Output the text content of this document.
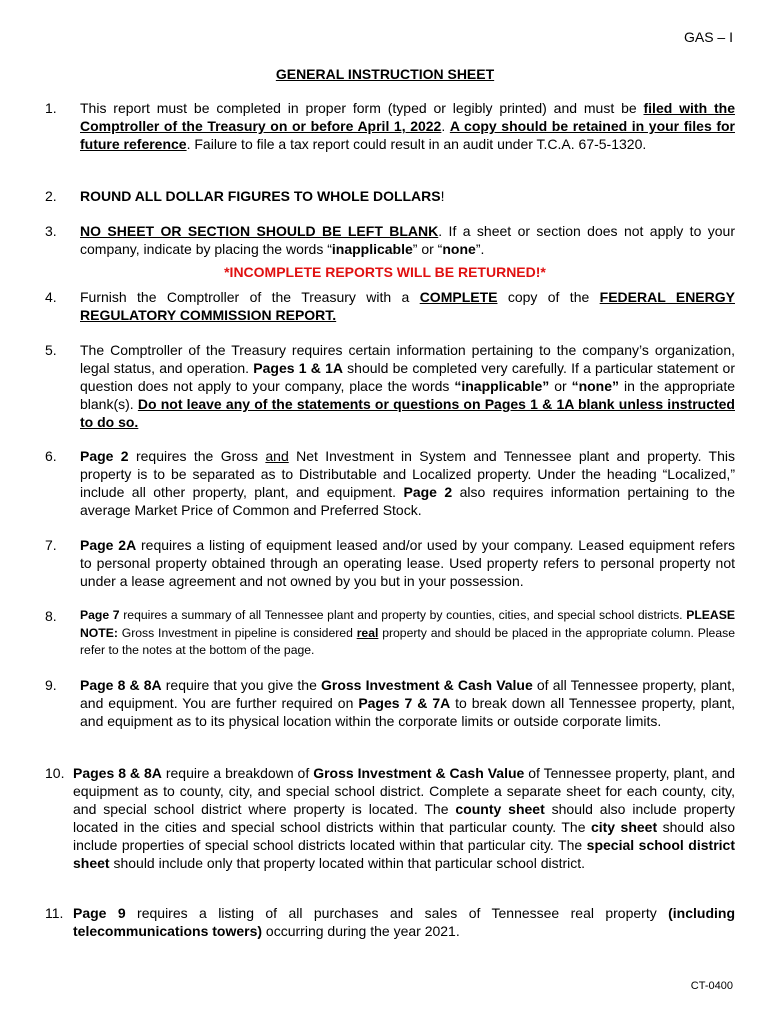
GAS – I
GENERAL INSTRUCTION SHEET
1. This report must be completed in proper form (typed or legibly printed) and must be filed with the Comptroller of the Treasury on or before April 1, 2022. A copy should be retained in your files for future reference. Failure to file a tax report could result in an audit under T.C.A. 67-5-1320.
2. ROUND ALL DOLLAR FIGURES TO WHOLE DOLLARS!
3. NO SHEET OR SECTION SHOULD BE LEFT BLANK. If a sheet or section does not apply to your company, indicate by placing the words “inapplicable” or “none”.
*INCOMPLETE REPORTS WILL BE RETURNED!*
4. Furnish the Comptroller of the Treasury with a COMPLETE copy of the FEDERAL ENERGY REGULATORY COMMISSION REPORT.
5. The Comptroller of the Treasury requires certain information pertaining to the company’s organization, legal status, and operation. Pages 1 & 1A should be completed very carefully. If a particular statement or question does not apply to your company, place the words “inapplicable” or “none” in the appropriate blank(s). Do not leave any of the statements or questions on Pages 1 & 1A blank unless instructed to do so.
6. Page 2 requires the Gross and Net Investment in System and Tennessee plant and property. This property is to be separated as to Distributable and Localized property. Under the heading “Localized,” include all other property, plant, and equipment. Page 2 also requires information pertaining to the average Market Price of Common and Preferred Stock.
7. Page 2A requires a listing of equipment leased and/or used by your company. Leased equipment refers to personal property obtained through an operating lease. Used property refers to personal property not under a lease agreement and not owned by you but in your possession.
8. Page 7 requires a summary of all Tennessee plant and property by counties, cities, and special school districts. PLEASE NOTE: Gross Investment in pipeline is considered real property and should be placed in the appropriate column. Please refer to the notes at the bottom of the page.
9. Page 8 & 8A require that you give the Gross Investment & Cash Value of all Tennessee property, plant, and equipment. You are further required on Pages 7 & 7A to break down all Tennessee property, plant, and equipment as to its physical location within the corporate limits or outside corporate limits.
10. Pages 8 & 8A require a breakdown of Gross Investment & Cash Value of Tennessee property, plant, and equipment as to county, city, and special school district. Complete a separate sheet for each county, city, and special school district where property is located. The county sheet should also include property located in the cities and special school districts within that particular county. The city sheet should also include properties of special school districts located within that particular city. The special school district sheet should include only that property located within that particular school district.
11. Page 9 requires a listing of all purchases and sales of Tennessee real property (including telecommunications towers) occurring during the year 2021.
CT-0400
